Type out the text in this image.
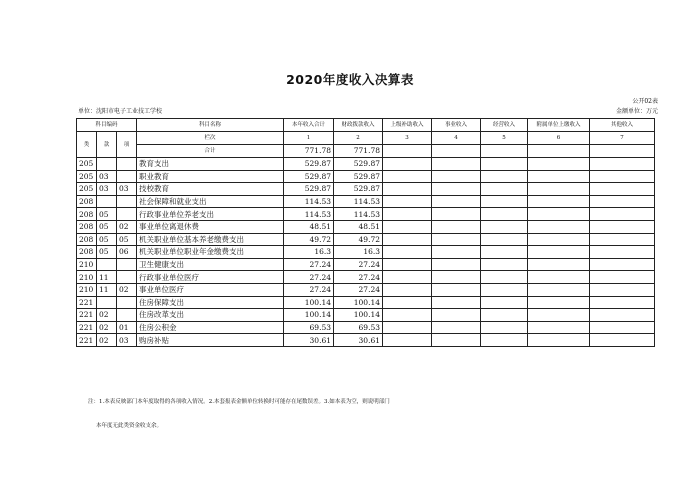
2020年度收入决算表
公开02表
单位：沈阳市电子工业技工学校	金额单位：万元
科目编码			科目名称	本年收入合计	财政拨款收入	上级补助收入	事业收入	经营收入	附属单位上缴收入	其他收入
类	款	项	栏次	1	2	3	4	5	6	7
			合计	771.78	771.78					
205			教育支出	529.87	529.87					
205	03		职业教育	529.87	529.87					
205	03	03	技校教育	529.87	529.87					
208			社会保障和就业支出	114.53	114.53					
208	05		行政事业单位养老支出	114.53	114.53					
208	05	02	事业单位离退休费	48.51	48.51					
208	05	05	机关职业单位基本养老缴费支出	49.72	49.72					
208	05	06	机关职业单位职业年金缴费支出	16.3	16.3					
210			卫生健康支出	27.24	27.24					
210	11		行政事业单位医疗	27.24	27.24					
210	11	02	事业单位医疗	27.24	27.24					
221			住房保障支出	100.14	100.14					
221	02		住房改革支出	100.14	100.14					
221	02	01	住房公积金	69.53	69.53					
221	02	03	购房补贴	30.61	30.61					
注：1.本表反映部门本年度取得的各项收入情况。2.本套报表金额单位转换时可能存在尾数误差。3.如本表为空，则说明部门
本年度无此类资金收支余。
